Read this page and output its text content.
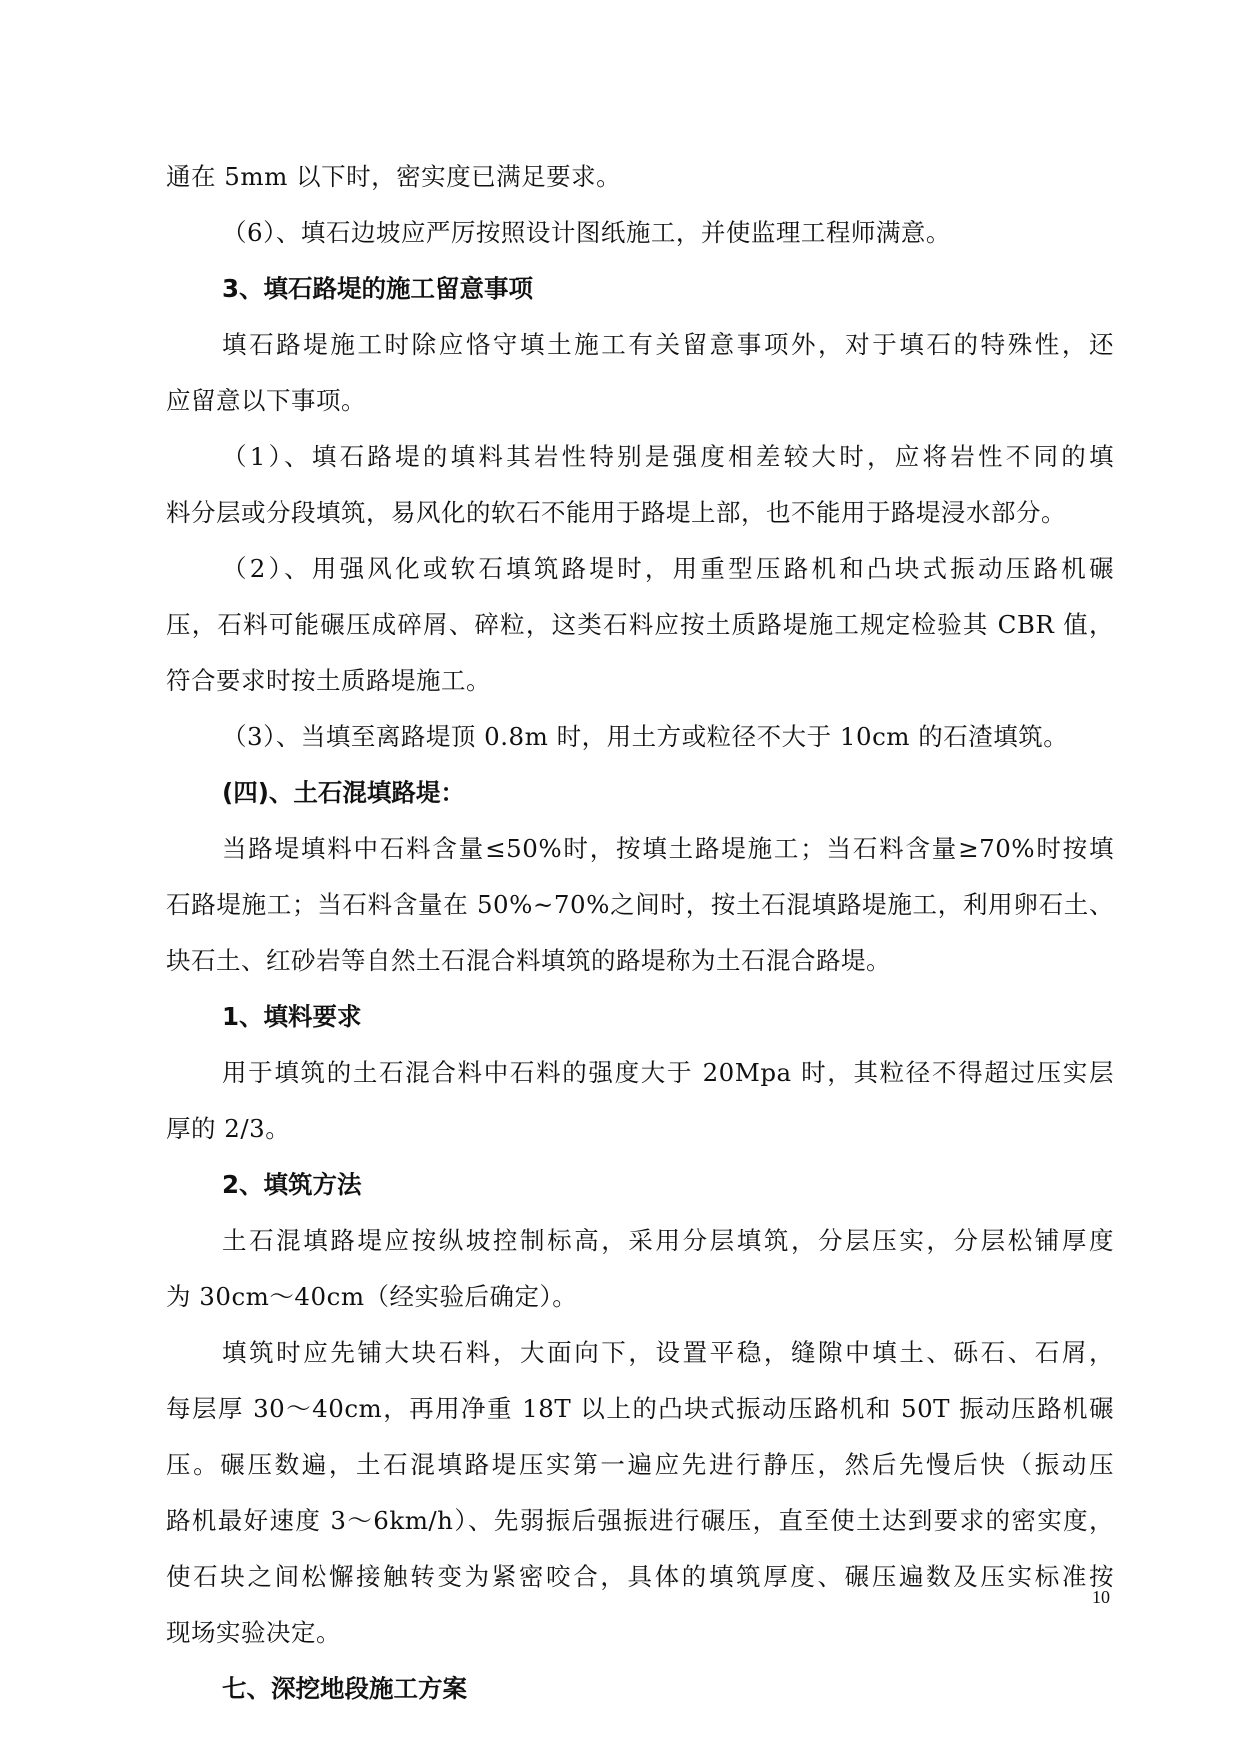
通在 5mm 以下时，密实度已满足要求。
（6）、填石边坡应严厉按照设计图纸施工，并使监理工程师满意。
3、填石路堤的施工留意事项
填石路堤施工时除应恪守填土施工有关留意事项外，对于填石的特殊性，还
应留意以下事项。
（1）、填石路堤的填料其岩性特别是强度相差较大时，应将岩性不同的填
料分层或分段填筑，易风化的软石不能用于路堤上部，也不能用于路堤浸水部分。
（2）、用强风化或软石填筑路堤时，用重型压路机和凸块式振动压路机碾
压，石料可能碾压成碎屑、碎粒，这类石料应按土质路堤施工规定检验其 CBR 值，
符合要求时按土质路堤施工。
（3）、当填至离路堤顶 0.8m 时，用土方或粒径不大于 10cm 的石渣填筑。
(四)、土石混填路堤：
当路堤填料中石料含量≤50%时，按填土路堤施工；当石料含量≥70%时按填
石路堤施工；当石料含量在 50%~70%之间时，按土石混填路堤施工，利用卵石土、
块石土、红砂岩等自然土石混合料填筑的路堤称为土石混合路堤。
1、填料要求
用于填筑的土石混合料中石料的强度大于 20Mpa 时，其粒径不得超过压实层
厚的 2/3。
2、填筑方法
土石混填路堤应按纵坡控制标高，采用分层填筑，分层压实，分层松铺厚度
为 30cm～40cm（经实验后确定）。
填筑时应先铺大块石料，大面向下，设置平稳，缝隙中填土、砾石、石屑，
每层厚 30～40cm，再用净重 18T 以上的凸块式振动压路机和 50T 振动压路机碾
压。碾压数遍，土石混填路堤压实第一遍应先进行静压，然后先慢后快（振动压
路机最好速度 3～6km/h）、先弱振后强振进行碾压，直至使土达到要求的密实度，
使石块之间松懈接触转变为紧密咬合，具体的填筑厚度、碾压遍数及压实标准按
现场实验决定。
七、深挖地段施工方案
10
